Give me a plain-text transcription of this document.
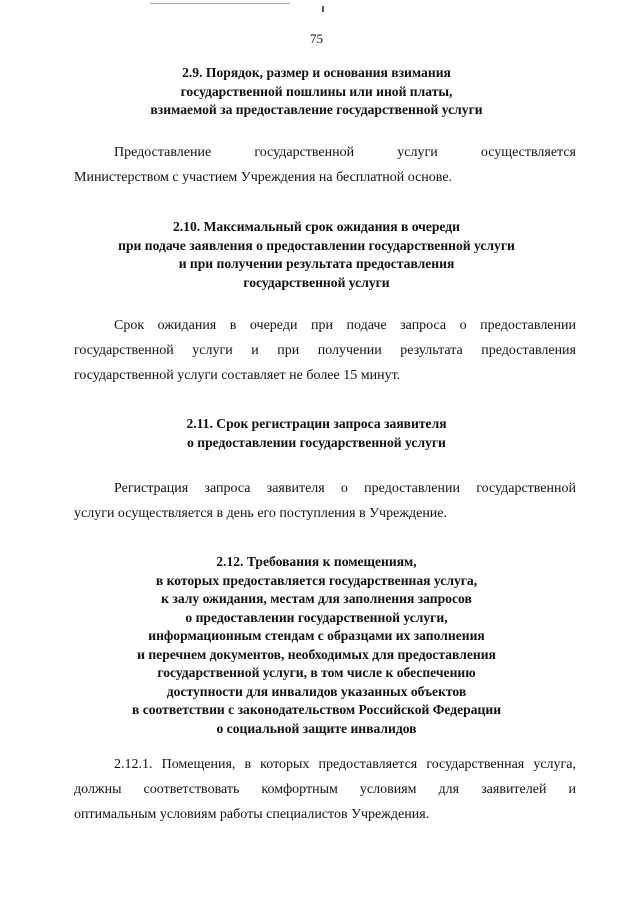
75
2.9. Порядок, размер и основания взимания
государственной пошлины или иной платы,
взимаемой за предоставление государственной услуги
Предоставление государственной услуги осуществляется
Министерством с участием Учреждения на бесплатной основе.
2.10. Максимальный срок ожидания в очереди
при подаче заявления о предоставлении государственной услуги
и при получении результата предоставления
государственной услуги
Срок ожидания в очереди при подаче запроса о предоставлении
государственной услуги и при получении результата предоставления
государственной услуги составляет не более 15 минут.
2.11. Срок регистрации запроса заявителя
о предоставлении государственной услуги
Регистрация запроса заявителя о предоставлении государственной
услуги осуществляется в день его поступления в Учреждение.
2.12. Требования к помещениям,
в которых предоставляется государственная услуга,
к залу ожидания, местам для заполнения запросов
о предоставлении государственной услуги,
информационным стендам с образцами их заполнения
и перечнем документов, необходимых для предоставления
государственной услуги, в том числе к обеспечению
доступности для инвалидов указанных объектов
в соответствии с законодательством Российской Федерации
о социальной защите инвалидов
2.12.1. Помещения, в которых предоставляется государственная услуга,
должны соответствовать комфортным условиям для заявителей и
оптимальным условиям работы специалистов Учреждения.
